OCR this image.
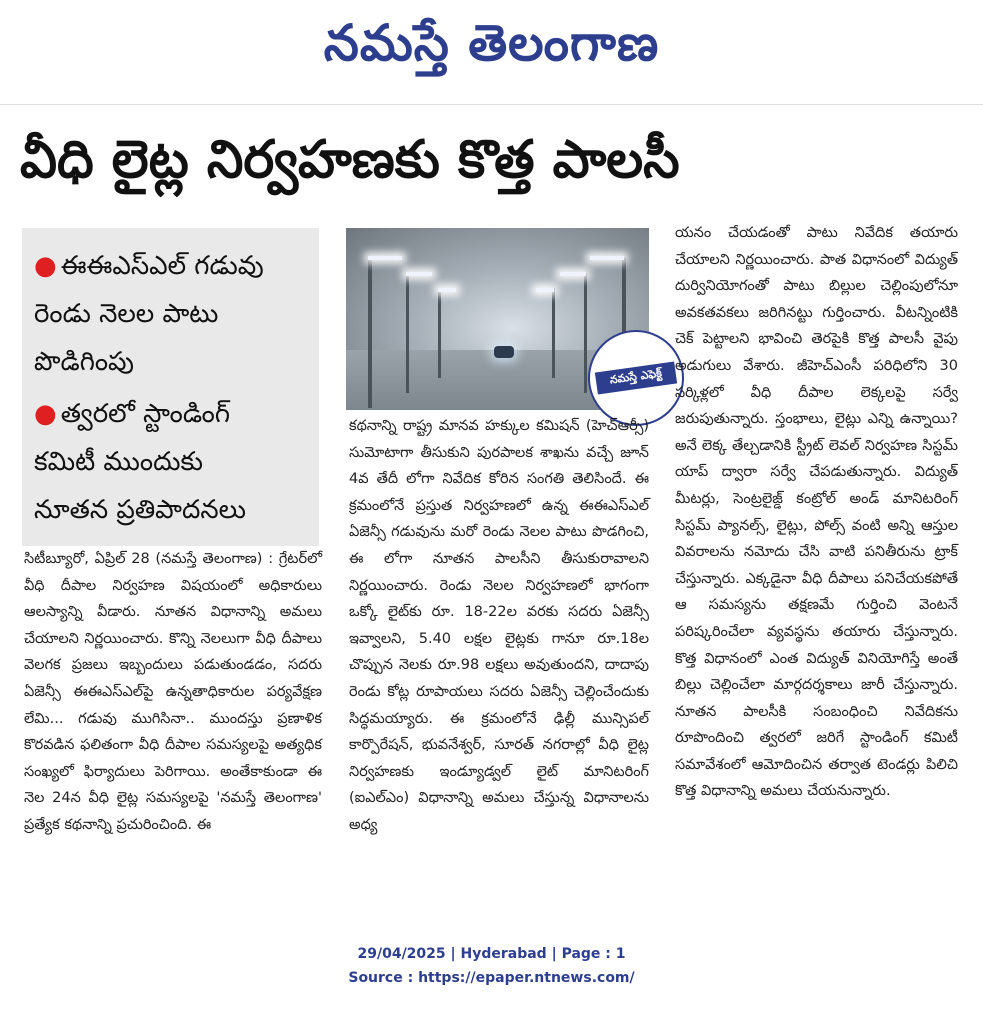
నమస్తే తెలంగాణ
వీధి లైట్ల నిర్వహణకు కొత్త పాలసీ
● ఈఈఎస్ఎల్ గడువు
రెండు నెలల పాటు
పొడిగింపు
● త్వరలో స్టాండింగ్
కమిటీ ముందుకు
నూతన ప్రతిపాదనలు
నమస్తే ఎఫెక్ట్

సిటీబ్యూరో, ఏప్రిల్ 28 (నమస్తే తెలంగాణ) : గ్రేటర్‌లో వీధి దీపాల నిర్వహణ విషయంలో అధికారులు ఆలస్యాన్ని వీడారు. నూతన విధానాన్ని అమలు చేయాలని నిర్ణయించారు. కొన్ని నెలలుగా వీధి దీపాలు వెలగక ప్రజలు ఇబ్బందులు పడుతుండడం, సదరు ఏజెన్సీ ఈఈఎస్ఎల్‌పై ఉన్నతాధికారుల పర్యవేక్షణ లేమి... గడువు ముగిసినా.. ముందస్తు ప్రణాళిక కొరవడిన ఫలితంగా వీధి దీపాల సమస్యలపై అత్యధిక సంఖ్యలో ఫిర్యాదులు పెరిగాయి. అంతేకాకుండా ఈ నెల 24న వీధి లైట్ల సమస్యలపై 'నమస్తే తెలంగాణ' ప్రత్యేక కథనాన్ని ప్రచురించింది. ఈ

కథనాన్ని రాష్ట్ర మానవ హక్కుల కమిషన్ (హెచ్ఆర్సీ) సుమోటాగా తీసుకుని పురపాలక శాఖను వచ్చే జూన్ 4వ తేదీ లోగా నివేదిక కోరిన సంగతి తెలిసిందే. ఈ క్రమంలోనే ప్రస్తుత నిర్వహణలో ఉన్న ఈఈఎస్ఎల్ ఏజెన్సీ గడువును మరో రెండు నెలల పాటు పొడగించి, ఈ లోగా నూతన పాలసీని తీసుకురావాలని నిర్ణయించారు. రెండు నెలల నిర్వహణలో భాగంగా ఒక్కో లైట్‌కు రూ. 18-22ల వరకు సదరు ఏజెన్సీ ఇవ్వాలని, 5.40 లక్షల లైట్లకు గానూ రూ.18ల చొప్పున నెలకు రూ.98 లక్షలు అవుతుందని, దాదాపు రెండు కోట్ల రూపాయలు సదరు ఏజెన్సీ చెల్లించేందుకు సిద్ధమయ్యారు. ఈ క్రమంలోనే ఢిల్లీ మున్సిపల్ కార్పొరేషన్, భువనేశ్వర్, సూరత్ నగరాల్లో వీధి లైట్ల నిర్వహణకు ఇండ్యూడ్వల్ లైట్ మానిటరింగ్ (ఐఎల్ఎం) విధానాన్ని అమలు చేస్తున్న విధానాలను అధ్య

యనం చేయడంతో పాటు నివేదిక తయారు చేయాలని నిర్ణయించారు. పాత విధానంలో విద్యుత్ దుర్వినియోగంతో పాటు బిల్లుల చెల్లింపులోనూ అవకతవకలు జరిగినట్టు గుర్తించారు. వీటన్నింటికి చెక్ పెట్టాలని భావించి తెరపైకి కొత్త పాలసీ వైపు అడుగులు వేశారు. జీహెచ్ఎంసీ పరిధిలోని 30 సర్కిళ్లలో వీధి దీపాల లెక్కలపై సర్వే జరుపుతున్నారు. స్తంభాలు, లైట్లు ఎన్ని ఉన్నాయి? అనే లెక్క తేల్చడానికి స్ట్రీట్ లెవల్ నిర్వహణ సిస్టమ్ యాప్ ద్వారా సర్వే చేపడుతున్నారు. విద్యుత్ మీటర్లు, సెంట్రలైజ్డ్ కంట్రోల్ అండ్ మానిటరింగ్ సిస్టమ్ ప్యానల్స్, లైట్లు, పోల్స్ వంటి అన్ని ఆస్తుల వివరాలను నమోదు చేసి వాటి పనితీరును ట్రాక్ చేస్తున్నారు. ఎక్కడైనా వీధి దీపాలు పనిచేయకపోతే ఆ సమస్యను తక్షణమే గుర్తించి వెంటనే పరిష్కరించేలా వ్యవస్థను తయారు చేస్తున్నారు. కొత్త విధానంలో ఎంత విద్యుత్ వినియోగిస్తే అంతే బిల్లు చెల్లించేలా మార్గదర్శకాలు జారీ చేస్తున్నారు. నూతన పాలసీకి సంబంధించి నివేదికను రూపొందించి త్వరలో జరిగే స్టాండింగ్ కమిటీ సమావేశంలో ఆమోదించిన తర్వాత టెండర్లు పిలిచి కొత్త విధానాన్ని అమలు చేయనున్నారు.

29/04/2025 | Hyderabad | Page : 1
Source : https://epaper.ntnews.com/
